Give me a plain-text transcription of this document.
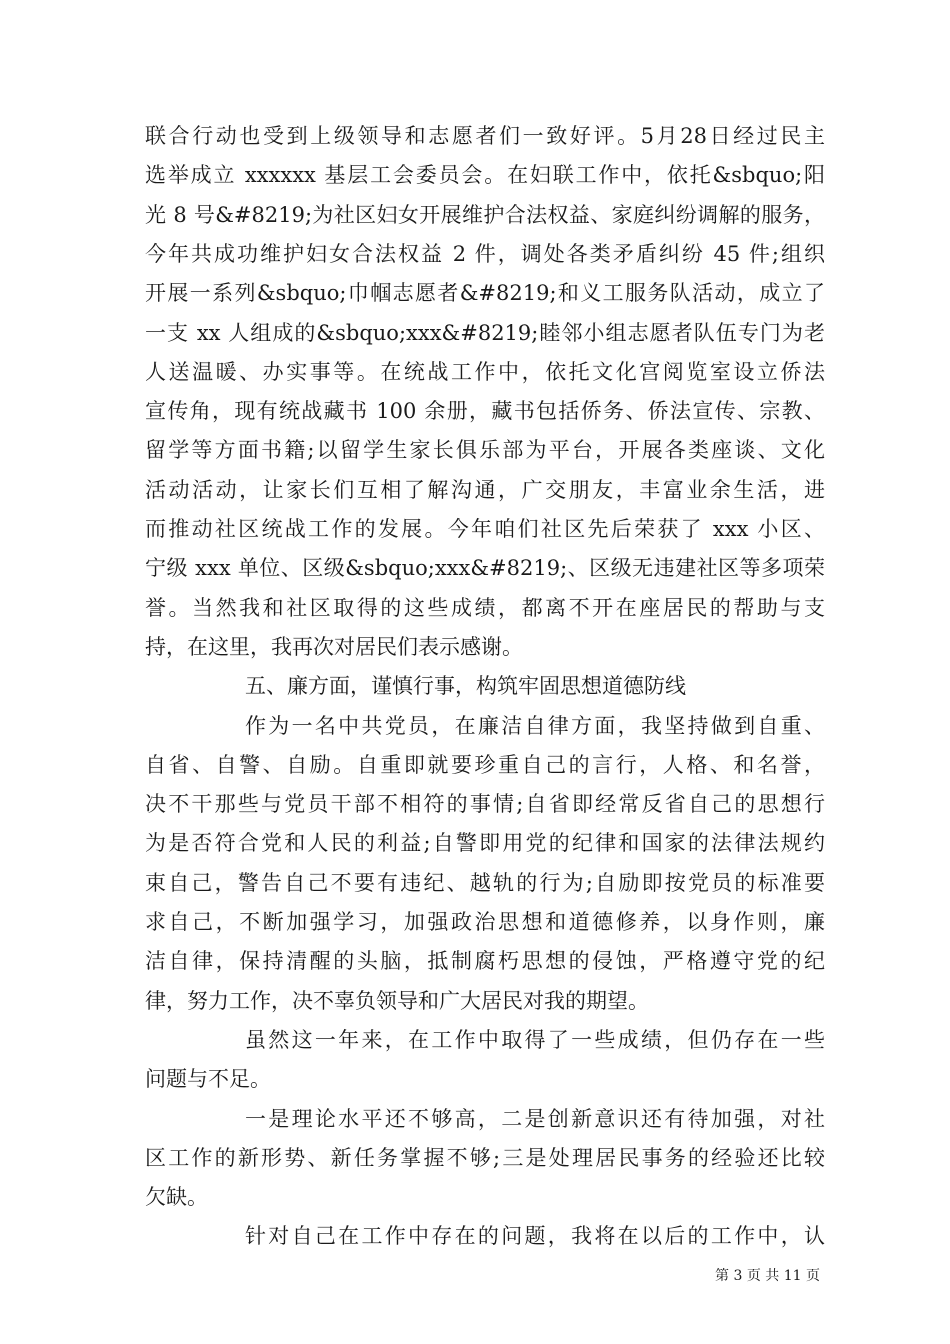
联合行动也受到上级领导和志愿者们一致好评。5月28日经过民主
选举成立 xxxxxx 基层工会委员会。在妇联工作中，依托&sbquo;阳
光 8 号&#8219;为社区妇女开展维护合法权益、家庭纠纷调解的服务，
今年共成功维护妇女合法权益 2 件，调处各类矛盾纠纷 45 件;组织
开展一系列&sbquo;巾帼志愿者&#8219;和义工服务队活动，成立了
一支 xx 人组成的&sbquo;xxx&#8219;睦邻小组志愿者队伍专门为老
人送温暖、办实事等。在统战工作中，依托文化宫阅览室设立侨法
宣传角，现有统战藏书 100 余册，藏书包括侨务、侨法宣传、宗教、
留学等方面书籍;以留学生家长俱乐部为平台，开展各类座谈、文化
活动活动，让家长们互相了解沟通，广交朋友，丰富业余生活，进
而推动社区统战工作的发展。今年咱们社区先后荣获了 xxx 小区、
宁级 xxx 单位、区级&sbquo;xxx&#8219;、区级无违建社区等多项荣
誉。当然我和社区取得的这些成绩，都离不开在座居民的帮助与支
持，在这里，我再次对居民们表示感谢。
五、廉方面，谨慎行事，构筑牢固思想道德防线
作为一名中共党员，在廉洁自律方面，我坚持做到自重、
自省、自警、自励。自重即就要珍重自己的言行，人格、和名誉，
决不干那些与党员干部不相符的事情;自省即经常反省自己的思想行
为是否符合党和人民的利益;自警即用党的纪律和国家的法律法规约
束自己，警告自己不要有违纪、越轨的行为;自励即按党员的标准要
求自己，不断加强学习，加强政治思想和道德修养，以身作则，廉
洁自律，保持清醒的头脑，抵制腐朽思想的侵蚀，严格遵守党的纪
律，努力工作，决不辜负领导和广大居民对我的期望。
虽然这一年来，在工作中取得了一些成绩，但仍存在一些
问题与不足。
一是理论水平还不够高，二是创新意识还有待加强，对社
区工作的新形势、新任务掌握不够;三是处理居民事务的经验还比较
欠缺。
针对自己在工作中存在的问题，我将在以后的工作中，认
第 3 页 共 11 页
